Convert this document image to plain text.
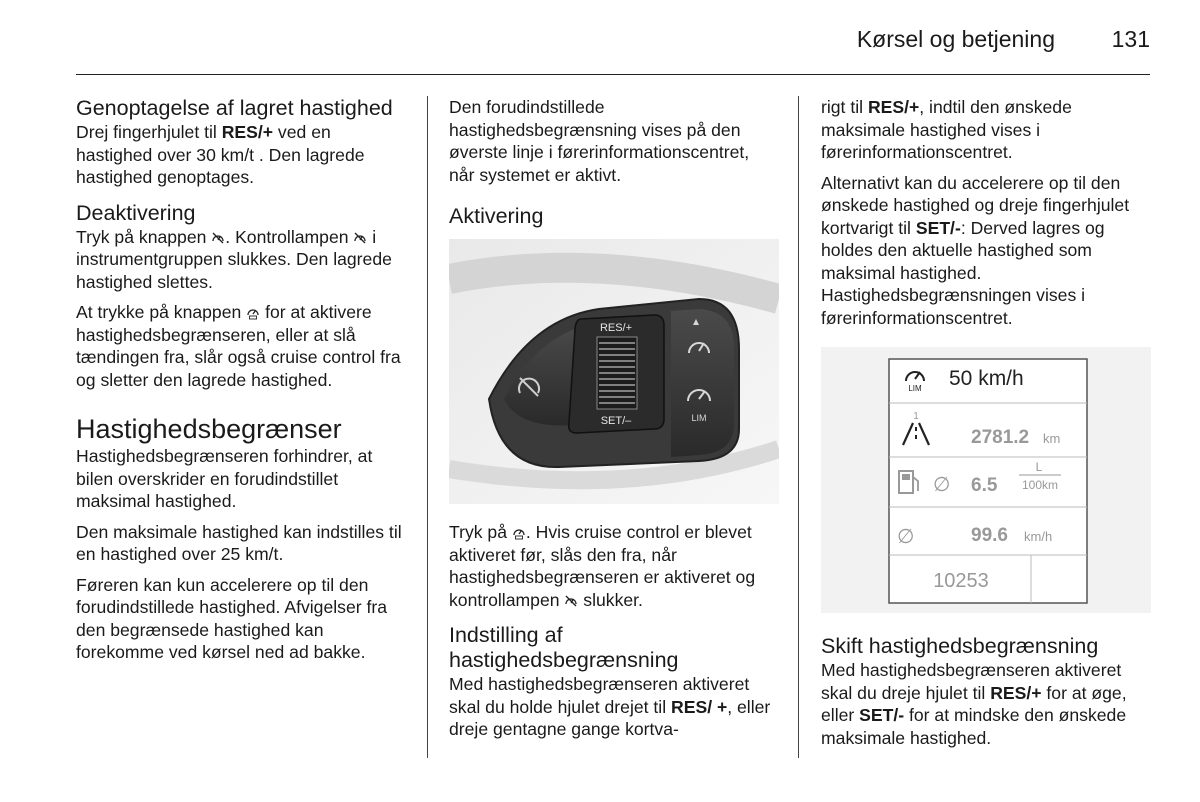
Kørsel og betjening 131
Genoptagelse af lagret hastighed

Drej fingerhjulet til RES/+ ved en hastighed over 30 km/t . Den lagrede hastighed genoptages.

Deaktivering

Tryk på knappen . Kontrollampen  i instrumentgruppen slukkes. Den lagrede hastighed slettes.

At trykke på knappen  for at aktivere hastighedsbegrænseren, eller at slå tændingen fra, slår også cruise control fra og sletter den lagrede hastighed.

Hastighedsbegrænser

Hastighedsbegrænseren forhindrer, at bilen overskrider en forudindstillet maksimal hastighed.

Den maksimale hastighed kan indstilles til en hastighed over 25 km/t.

Føreren kan kun accelerere op til den forudindstillede hastighed. Afvigelser fra den begrænsede hastighed kan forekomme ved kørsel ned ad bakke.

Den forudindstillede hastighedsbegrænsning vises på den øverste linje i førerinformationscentret, når systemet er aktivt.

Aktivering
RES/+
SET/–	LIM

Tryk på . Hvis cruise control er blevet aktiveret før, slås den fra, når hastighedsbegrænseren er aktiveret og kontrollampen  slukker.

Indstilling af hastighedsbegrænsning

Med hastighedsbegrænseren aktiveret skal du holde hjulet drejet til RES/ +, eller dreje gentagne gange kortva-

rigt til RES/+, indtil den ønskede maksimale hastighed vises i førerinformationscentret.

Alternativt kan du accelerere op til den ønskede hastighed og dreje fingerhjulet kortvarigt til SET/-: Derved lagres og holdes den aktuelle hastighed som maksimal hastighed. Hastighedsbegrænsningen vises i førerinformationscentret.

LIM 50 km/h
1
2781.2 km
∅ 6.5
L
100km
∅	99.6 km/h
10253
Skift hastighedsbegrænsning

Med hastighedsbegrænseren aktiveret skal du dreje hjulet til RES/+ for at øge, eller SET/- for at mindske den ønskede maksimale hastighed.
